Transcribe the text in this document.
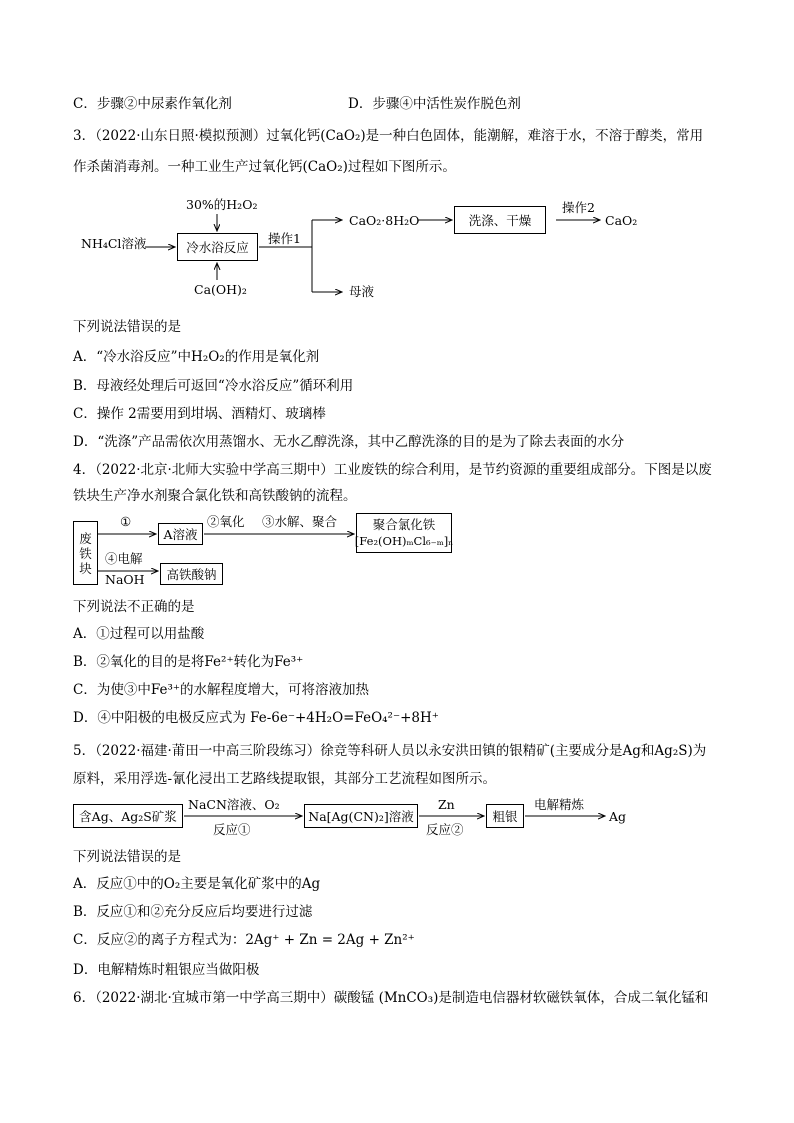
C．步骤②中尿素作氧化剂	D．步骤④中活性炭作脱色剂
3．（2022·山东日照·模拟预测）过氧化钙(CaO₂)是一种白色固体，能潮解，难溶于水，不溶于醇类，常用
作杀菌消毒剂。一种工业生产过氧化钙(CaO₂)过程如下图所示。
30%的H₂O₂
NH₄Cl溶液	冷水浴反应
Ca(OH)₂
操作1
CaO₂·8H₂O	洗涤、干燥
操作2
CaO₂
母液
下列说法错误的是
A．“冷水浴反应”中H₂O₂的作用是氧化剂
B．母液经处理后可返回“冷水浴反应”循环利用
C．操作 2需要用到坩埚、酒精灯、玻璃棒
D．“洗涤”产品需依次用蒸馏水、无水乙醇洗涤，其中乙醇洗涤的目的是为了除去表面的水分
4．（2022·北京·北师大实验中学高三期中）工业废铁的综合利用，是节约资源的重要组成部分。下图是以废
铁块生产净水剂聚合氯化铁和高铁酸钠的流程。
废铁块
①
A溶液
②氧化 ③水解、聚合	聚合氯化铁
[Fe₂(OH)ₘCl₆₋ₘ]ₙ
④电解
NaOH 高铁酸钠
下列说法不正确的是
A．①过程可以用盐酸
B．②氧化的目的是将Fe²⁺转化为Fe³⁺
C．为使③中Fe³⁺的水解程度增大，可将溶液加热
D．④中阳极的电极反应式为 Fe-6e⁻+4H₂O=FeO₄²⁻+8H⁺
5．（2022·福建·莆田一中高三阶段练习）徐竞等科研人员以永安洪田镇的银精矿(主要成分是Ag和Ag₂S)为
原料，采用浮选-氰化浸出工艺路线提取银，其部分工艺流程如图所示。
含Ag、Ag₂S矿浆
NaCN溶液、O₂
反应①
Na[Ag(CN)₂]溶液
Zn
反应②
粗银
电解精炼
Ag
下列说法错误的是
A．反应①中的O₂主要是氧化矿浆中的Ag
B．反应①和②充分反应后均要进行过滤
C．反应②的离子方程式为：2Ag⁺ + Zn = 2Ag + Zn²⁺
D．电解精炼时粗银应当做阳极
6．（2022·湖北·宜城市第一中学高三期中）碳酸锰 (MnCO₃)是制造电信器材软磁铁氧体，合成二氧化锰和
